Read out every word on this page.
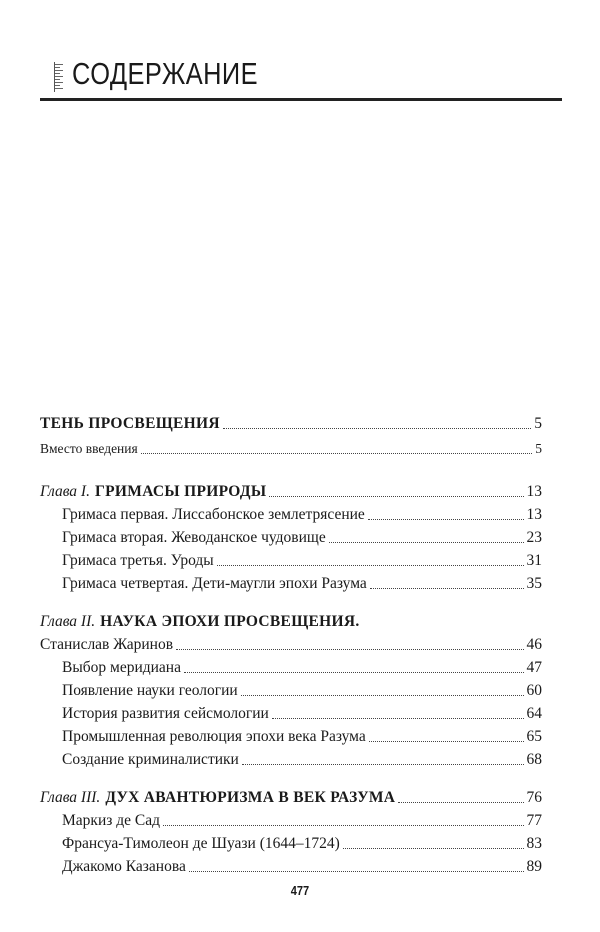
СОДЕРЖАНИЕ
ТЕНЬ ПРОСВЕЩЕНИЯ	5
Вместо введения	5
Глава I. ГРИМАСЫ ПРИРОДЫ	13
Гримаса первая. Лиссабонское землетрясение	13
Гримаса вторая. Жеводанское чудовище	23
Гримаса третья. Уроды	31
Гримаса четвертая. Дети-маугли эпохи Разума	35
Глава II. НАУКА ЭПОХИ ПРОСВЕЩЕНИЯ.
Станислав Жаринов	46
Выбор меридиана	47
Появление науки геологии	60
История развития сейсмологии	64
Промышленная революция эпохи века Разума	65
Создание криминалистики	68
Глава III. ДУХ АВАНТЮРИЗМА В ВЕК РАЗУМА	76
Маркиз де Сад	77
Франсуа-Тимолеон де Шуази (1644–1724)	83
Джакомо Казанова	89
477
